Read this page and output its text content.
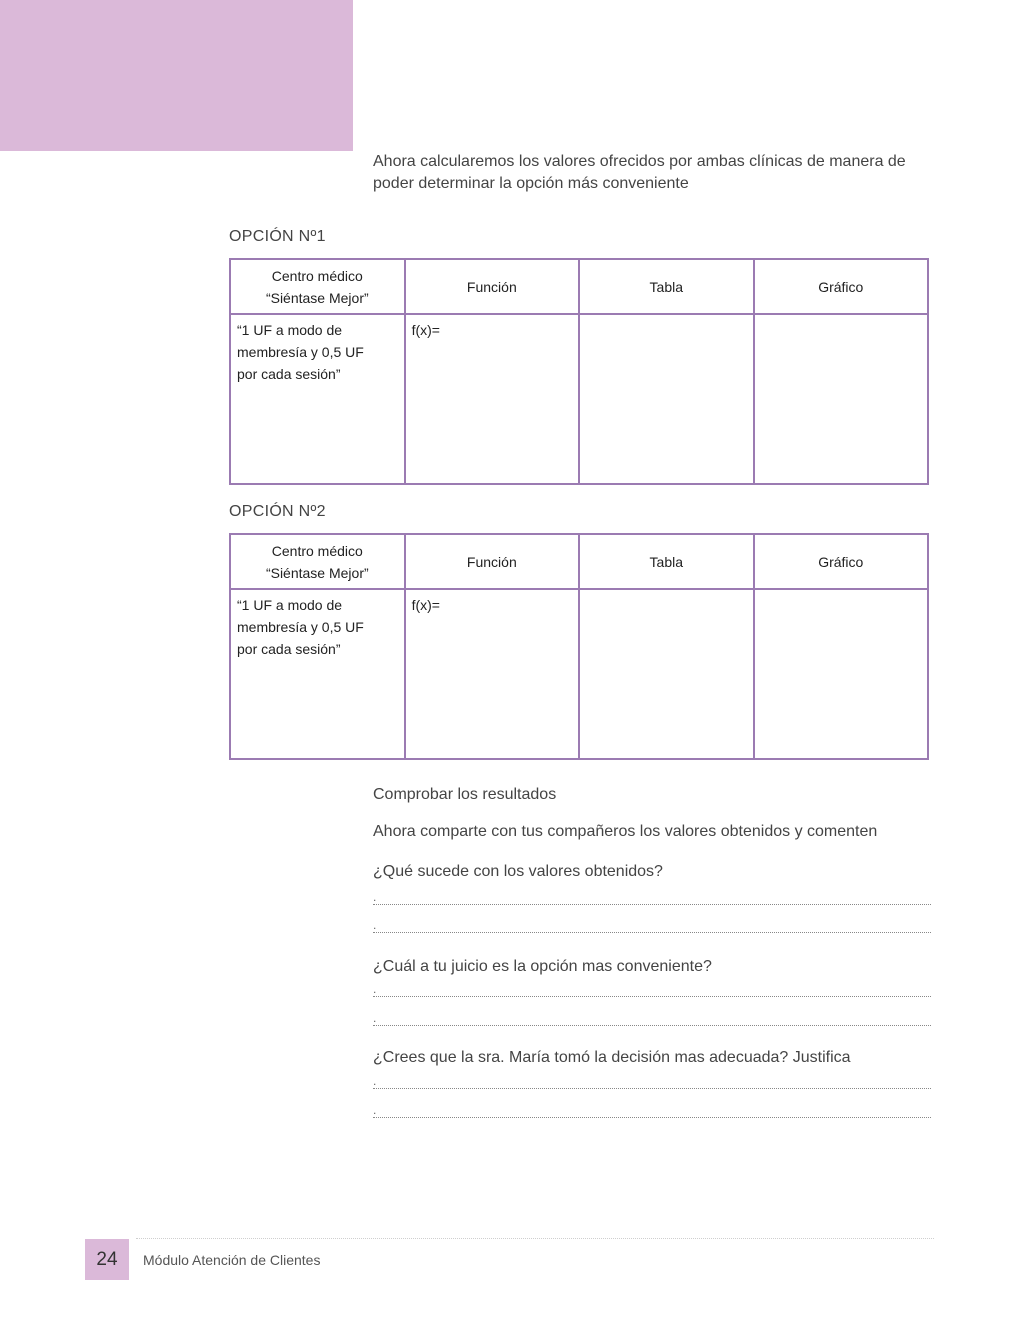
Ahora calcularemos los valores ofrecidos por ambas clínicas de manera de poder determinar la opción más conveniente
OPCIÓN Nº1
Centro médico
“Siéntase Mejor”	Función	Tabla	Gráfico
“1 UF a modo de
membresía y 0,5 UF
por cada sesión”	f(x)=		
OPCIÓN Nº2
Centro médico
“Siéntase Mejor”	Función	Tabla	Gráfico
“1 UF a modo de
membresía y 0,5 UF
por cada sesión”	f(x)=		
Comprobar los resultados
Ahora comparte con tus compañeros los valores obtenidos y comenten
¿Qué sucede con los valores obtenidos?
.
.
¿Cuál a tu juicio es la opción mas conveniente?
.
.
¿Crees que la sra. María tomó la decisión mas adecuada? Justifica
.
.
24	Módulo Atención de Clientes
